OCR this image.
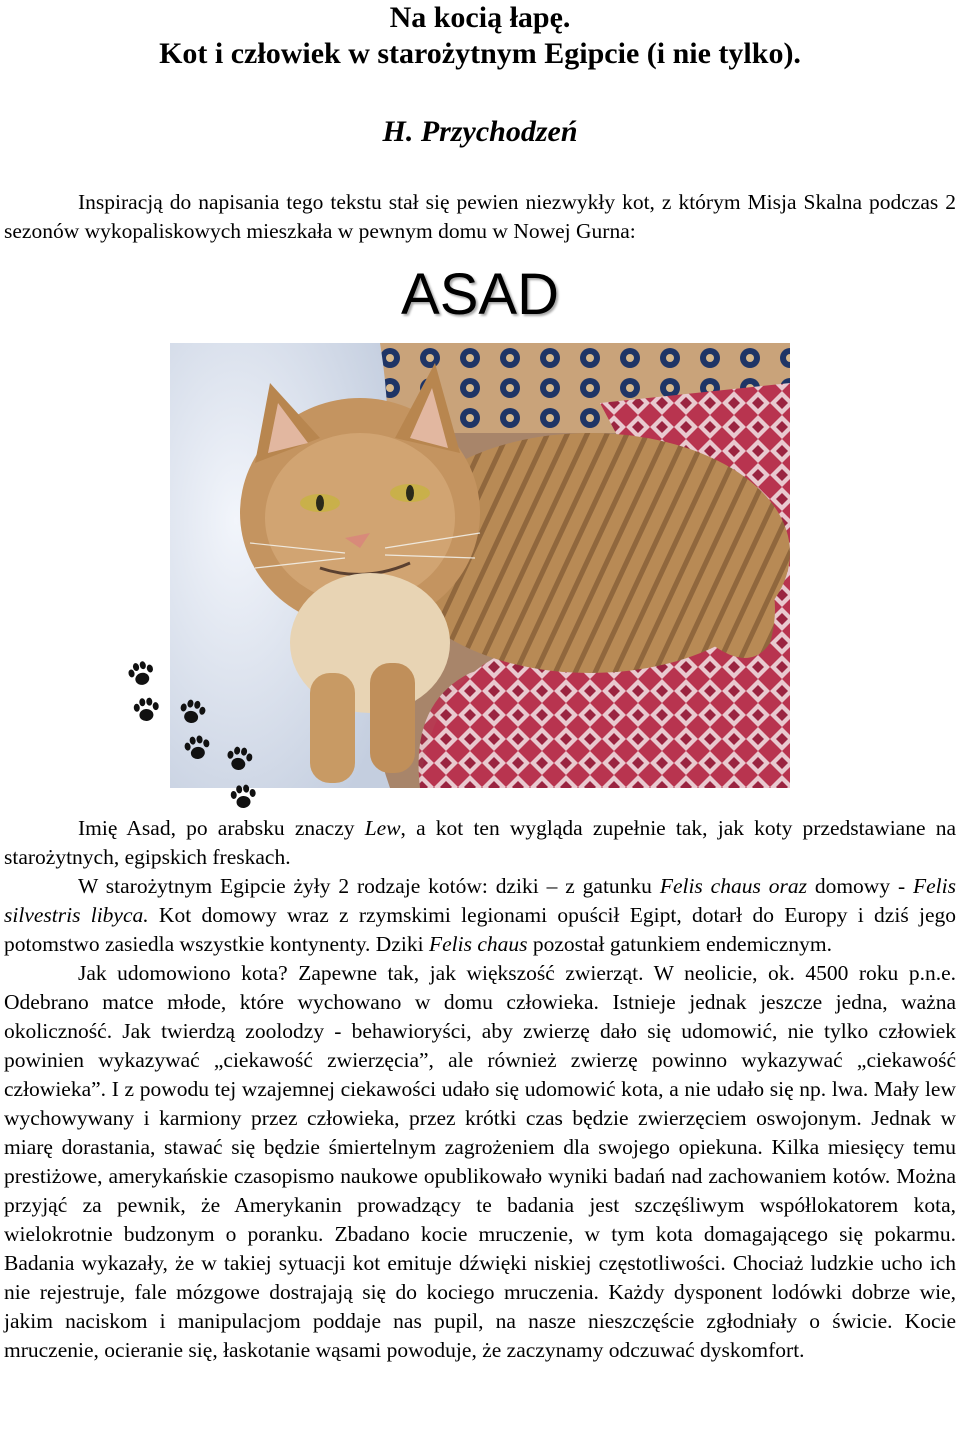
Na kocią łapę.
Kot i człowiek w starożytnym Egipcie (i nie tylko).
H. Przychodzeń
Inspiracją do napisania tego tekstu stał się pewien niezwykły kot, z którym Misja Skalna podczas 2 sezonów wykopaliskowych mieszkała w pewnym domu w Nowej Gurna:
ASAD

Imię Asad, po arabsku znaczy Lew, a kot ten wygląda zupełnie tak, jak koty przedstawiane na starożytnych, egipskich freskach.

W starożytnym Egipcie żyły 2 rodzaje kotów: dziki – z gatunku Felis chaus oraz domowy - Felis silvestris libyca. Kot domowy wraz z rzymskimi legionami opuścił Egipt, dotarł do Europy i dziś jego potomstwo zasiedla wszystkie kontynenty. Dziki Felis chaus pozostał gatunkiem endemicznym.

Jak udomowiono kota? Zapewne tak, jak większość zwierząt. W neolicie, ok. 4500 roku p.n.e. Odebrano matce młode, które wychowano w domu człowieka. Istnieje jednak jeszcze jedna, ważna okoliczność. Jak twierdzą zoolodzy - behawioryści, aby zwierzę dało się udomowić, nie tylko człowiek powinien wykazywać „ciekawość zwierzęcia”, ale również zwierzę powinno wykazywać „ciekawość człowieka”. I z powodu tej wzajemnej ciekawości udało się udomowić kota, a nie udało się np. lwa. Mały lew wychowywany i karmiony przez człowieka, przez krótki czas będzie zwierzęciem oswojonym. Jednak w miarę dorastania, stawać się będzie śmiertelnym zagrożeniem dla swojego opiekuna. Kilka miesięcy temu prestiżowe, amerykańskie czasopismo naukowe opublikowało wyniki badań nad zachowaniem kotów. Można przyjąć za pewnik, że Amerykanin prowadzący te badania jest szczęśliwym współlokatorem kota, wielokrotnie budzonym o poranku. Zbadano kocie mruczenie, w tym kota domagającego się pokarmu. Badania wykazały, że w takiej sytuacji kot emituje dźwięki niskiej częstotliwości. Chociaż ludzkie ucho ich nie rejestruje, fale mózgowe dostrajają się do kociego mruczenia. Każdy dysponent lodówki dobrze wie, jakim naciskom i manipulacjom poddaje nas pupil, na nasze nieszczęście zgłodniały o świcie. Kocie mruczenie, ocieranie się, łaskotanie wąsami powoduje, że zaczynamy odczuwać dyskomfort.
